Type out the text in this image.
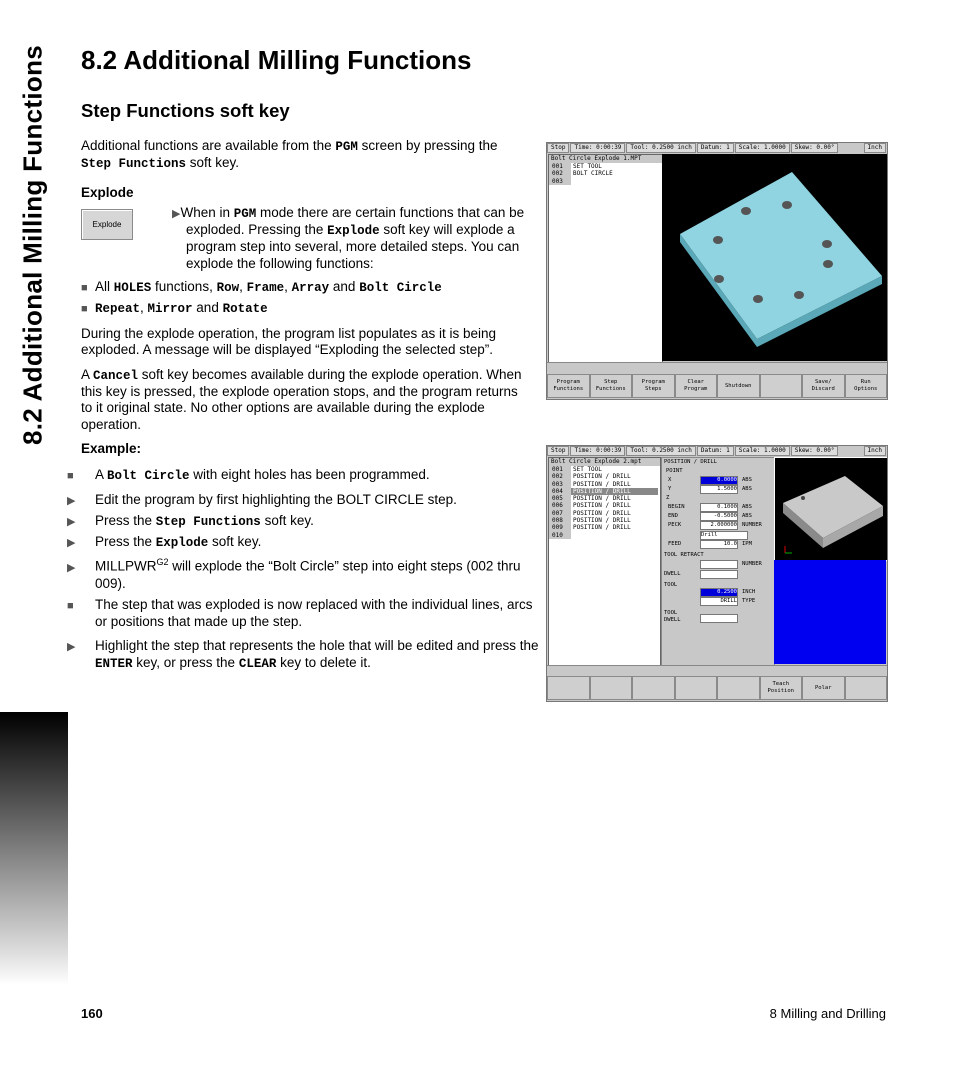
8.2 Additional Milling Functions 8.2 Additional Milling Functions
Step Functions soft key

Additional functions are available from the PGM screen by pressing the Step Functions soft key.

Explode

Explode
▶When in PGM mode there are certain functions that can be exploded. Pressing the Explode soft key will explode a program step into several, more detailed steps. You can explode the following functions:
■ All HOLES functions, Row, Frame, Array and Bolt Circle
■ Repeat, Mirror and Rotate

During the explode operation, the program list populates as it is being exploded. A message will be displayed “Exploding the selected step”.

A Cancel soft key becomes available during the explode operation. When this key is pressed, the explode operation stops, and the program returns to it original state. No other options are available during the explode operation.

Example:

■ A Bolt Circle with eight holes has been programmed.
▶ Edit the program by first highlighting the BOLT CIRCLE step.
▶ Press the Step Functions soft key.
▶ Press the Explode soft key.
▶ $MILLPWR^{G2}$ will explode the “Bolt Circle” step into eight steps (002 thru 009).
■ The step that was exploded is now replaced with the individual lines, arcs or positions that made up the step.
▶ Highlight the step that represents the hole that will be edited and press the ENTER key, or press the CLEAR key to delete it.
Stop	Time: 0:00:39	Tool: 0.2500 inch	Datum: 1	Scale: 1.0000	Skew: 0.00°	Inch
Bolt Circle Explode 1.MPT
001 SET TOOL
002 BOLT CIRCLE
003
Program
Functions
Step
Functions
Program
Steps
Clear
Program
Shutdown
Save/
Discard
Run
Options
Stop	Time: 0:00:39	Tool: 0.2500 inch	Datum: 1	Scale: 1.0000	Skew: 0.00°	Inch
Bolt Circle Explode 2.mpt
001 SET TOOL
002 POSITION / DRILL
003 POSITION / DRILL
004 POSITION / DRILL
005 POSITION / DRILL
006 POSITION / DRILL
007 POSITION / DRILL
008 POSITION / DRILL
009 POSITION / DRILL
010
POSITION / DRILL
POINT
X	0.0000 ABS
Y	1.5000 ABS
Z
BEGIN	0.1000 ABS
END	-0.5000 ABS
PECK	2.000000 NUMBER
Drill
FEED	10.0 IPM
TOOL RETRACT
NUMBER
DWELL
TOOL
0.2500 INCH
DRILL TYPE
TOOL
DWELL
Teach
Position
Polar
160	8 Milling and Drilling
